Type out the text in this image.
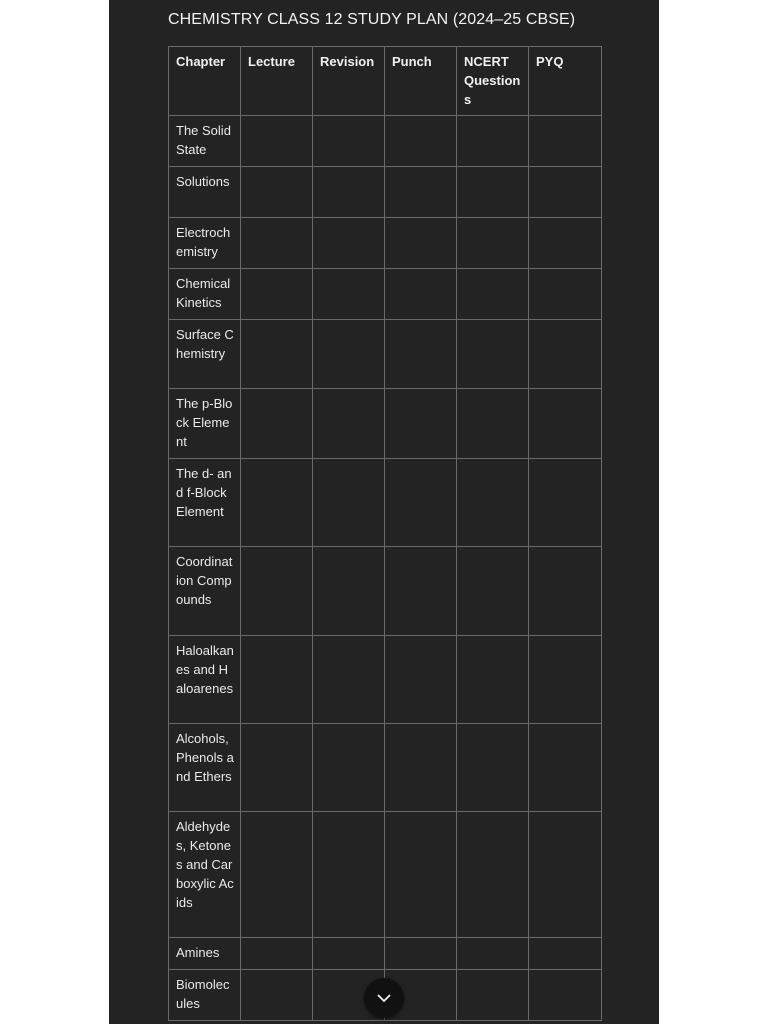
CHEMISTRY CLASS 12 STUDY PLAN (2024–25 CBSE)
Chapter	Lecture	Revision	Punch	NCERT Questions	PYQ
The Solid State					
Solutions					
Electrochemistry					
Chemical Kinetics					
Surface Chemistry					
The p-Block Element					
The d- and f-Block Element					
Coordination Compounds					
Haloalkanes and Haloarenes					
Alcohols, Phenols and Ethers					
Aldehydes, Ketones and Carboxylic Acids					
Amines					
Biomolecules					
